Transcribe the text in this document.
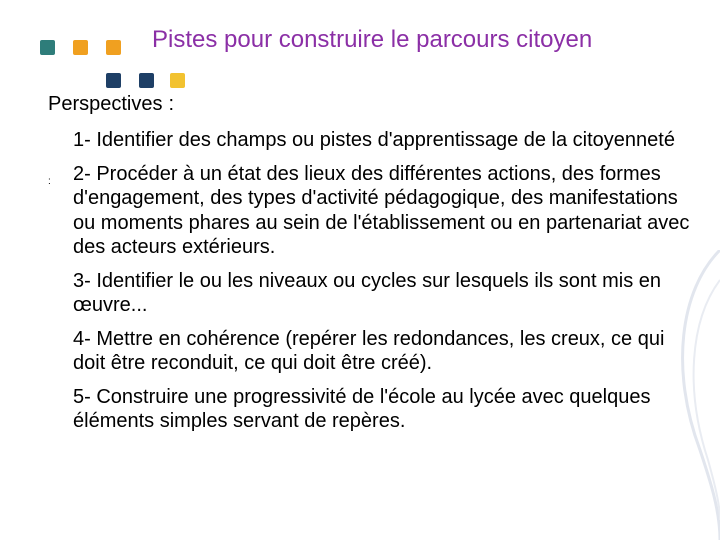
Pistes pour construire le parcours citoyen
Perspectives :
:
1- Identifier des champs ou pistes d'apprentissage de la citoyenneté
2- Procéder à un état des lieux des différentes actions, des formes d'engagement, des types d'activité pédagogique, des manifestations ou moments phares au sein de l'établissement ou en partenariat avec des acteurs extérieurs.
3- Identifier le ou les niveaux ou cycles sur lesquels ils sont mis en œuvre...
4- Mettre en cohérence (repérer les redondances, les creux, ce qui doit être reconduit, ce qui doit être créé).
5- Construire une progressivité de l'école au lycée avec quelques éléments simples servant de repères.
